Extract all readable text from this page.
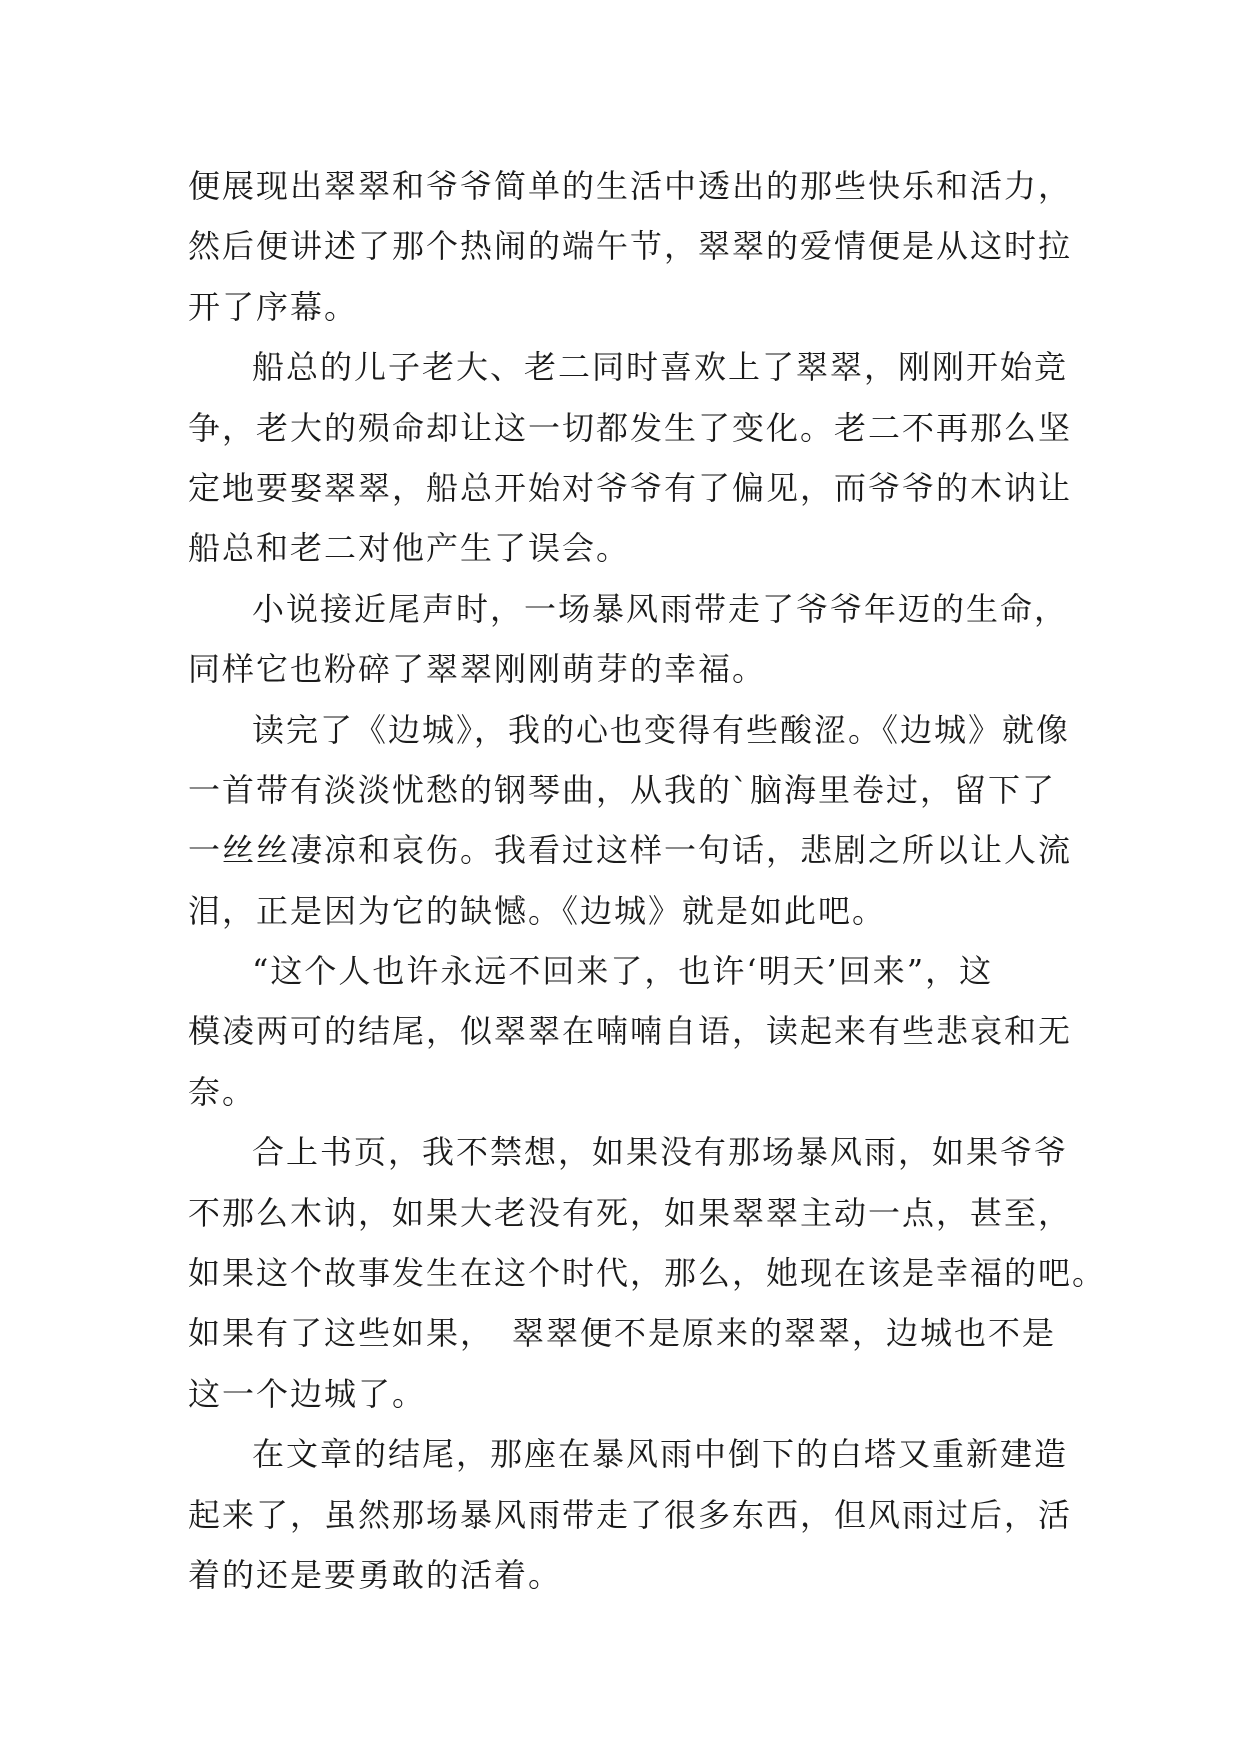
便展现出翠翠和爷爷简单的生活中透出的那些快乐和活力，
然后便讲述了那个热闹的端午节，翠翠的爱情便是从这时拉
开了序幕。
船总的儿子老大、老二同时喜欢上了翠翠，刚刚开始竞
争，老大的殒命却让这一切都发生了变化。老二不再那么坚
定地要娶翠翠，船总开始对爷爷有了偏见，而爷爷的木讷让
船总和老二对他产生了误会。
小说接近尾声时，一场暴风雨带走了爷爷年迈的生命，
同样它也粉碎了翠翠刚刚萌芽的幸福。
读完了《边城》，我的心也变得有些酸涩。《边城》就像
一首带有淡淡忧愁的钢琴曲，从我的`脑海里卷过，留下了
一丝丝凄凉和哀伤。我看过这样一句话，悲剧之所以让人流
泪，正是因为它的缺憾。《边城》就是如此吧。
“这个人也许永远不回来了，也许‘明天’回来”，这
模凌两可的结尾，似翠翠在喃喃自语，读起来有些悲哀和无
奈。
合上书页，我不禁想，如果没有那场暴风雨，如果爷爷
不那么木讷，如果大老没有死，如果翠翠主动一点，甚至，
如果这个故事发生在这个时代，那么，她现在该是幸福的吧。
如果有了这些如果，　翠翠便不是原来的翠翠，边城也不是
这一个边城了。
在文章的结尾，那座在暴风雨中倒下的白塔又重新建造
起来了，虽然那场暴风雨带走了很多东西，但风雨过后，活
着的还是要勇敢的活着。
